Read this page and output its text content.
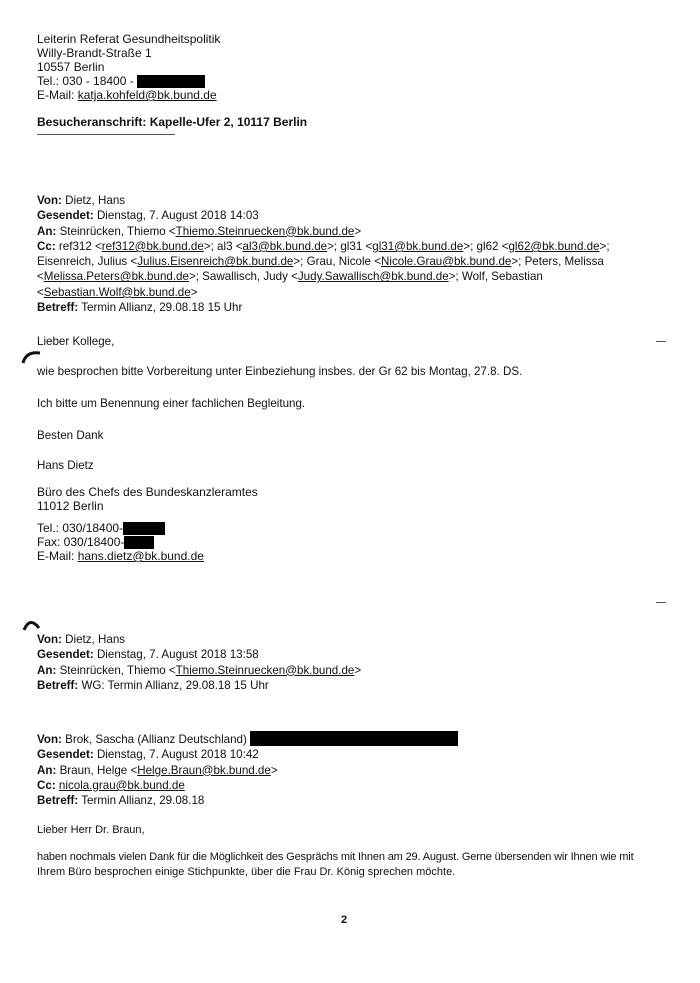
Leiterin Referat Gesundheitspolitik
Willy-Brandt-Straße 1
10557 Berlin
Tel.: 030 - 18400 -
E-Mail: katja.kohfeld@bk.bund.de
Besucheranschrift: Kapelle-Ufer 2, 10117 Berlin
Von: Dietz, Hans
Gesendet: Dienstag, 7. August 2018 14:03
An: Steinrücken, Thiemo <Thiemo.Steinruecken@bk.bund.de>
Cc: ref312 <ref312@bk.bund.de>; al3 <al3@bk.bund.de>; gl31 <gl31@bk.bund.de>; gl62 <gl62@bk.bund.de>;
Eisenreich, Julius <Julius.Eisenreich@bk.bund.de>; Grau, Nicole <Nicole.Grau@bk.bund.de>; Peters, Melissa
<Melissa.Peters@bk.bund.de>; Sawallisch, Judy <Judy.Sawallisch@bk.bund.de>; Wolf, Sebastian
<Sebastian.Wolf@bk.bund.de>
Betreff: Termin Allianz, 29.08.18 15 Uhr
Lieber Kollege,
wie besprochen bitte Vorbereitung unter Einbeziehung insbes. der Gr 62 bis Montag, 27.8. DS.
Ich bitte um Benennung einer fachlichen Begleitung.
Besten Dank
Hans Dietz
Büro des Chefs des Bundeskanzleramtes
11012 Berlin
Tel.: 030/18400-
Fax: 030/18400-
E-Mail: hans.dietz@bk.bund.de
Von: Dietz, Hans
Gesendet: Dienstag, 7. August 2018 13:58
An: Steinrücken, Thiemo <Thiemo.Steinruecken@bk.bund.de>
Betreff: WG: Termin Allianz, 29.08.18 15 Uhr
Von: Brok, Sascha (Allianz Deutschland)
Gesendet: Dienstag, 7. August 2018 10:42
An: Braun, Helge <Helge.Braun@bk.bund.de>
Cc: nicola.grau@bk.bund.de
Betreff: Termin Allianz, 29.08.18
Lieber Herr Dr. Braun,
haben nochmals vielen Dank für die Möglichkeit des Gesprächs mit Ihnen am 29. August. Gerne übersenden wir Ihnen wie mit
Ihrem Büro besprochen einige Stichpunkte, über die Frau Dr. König sprechen möchte.
2
